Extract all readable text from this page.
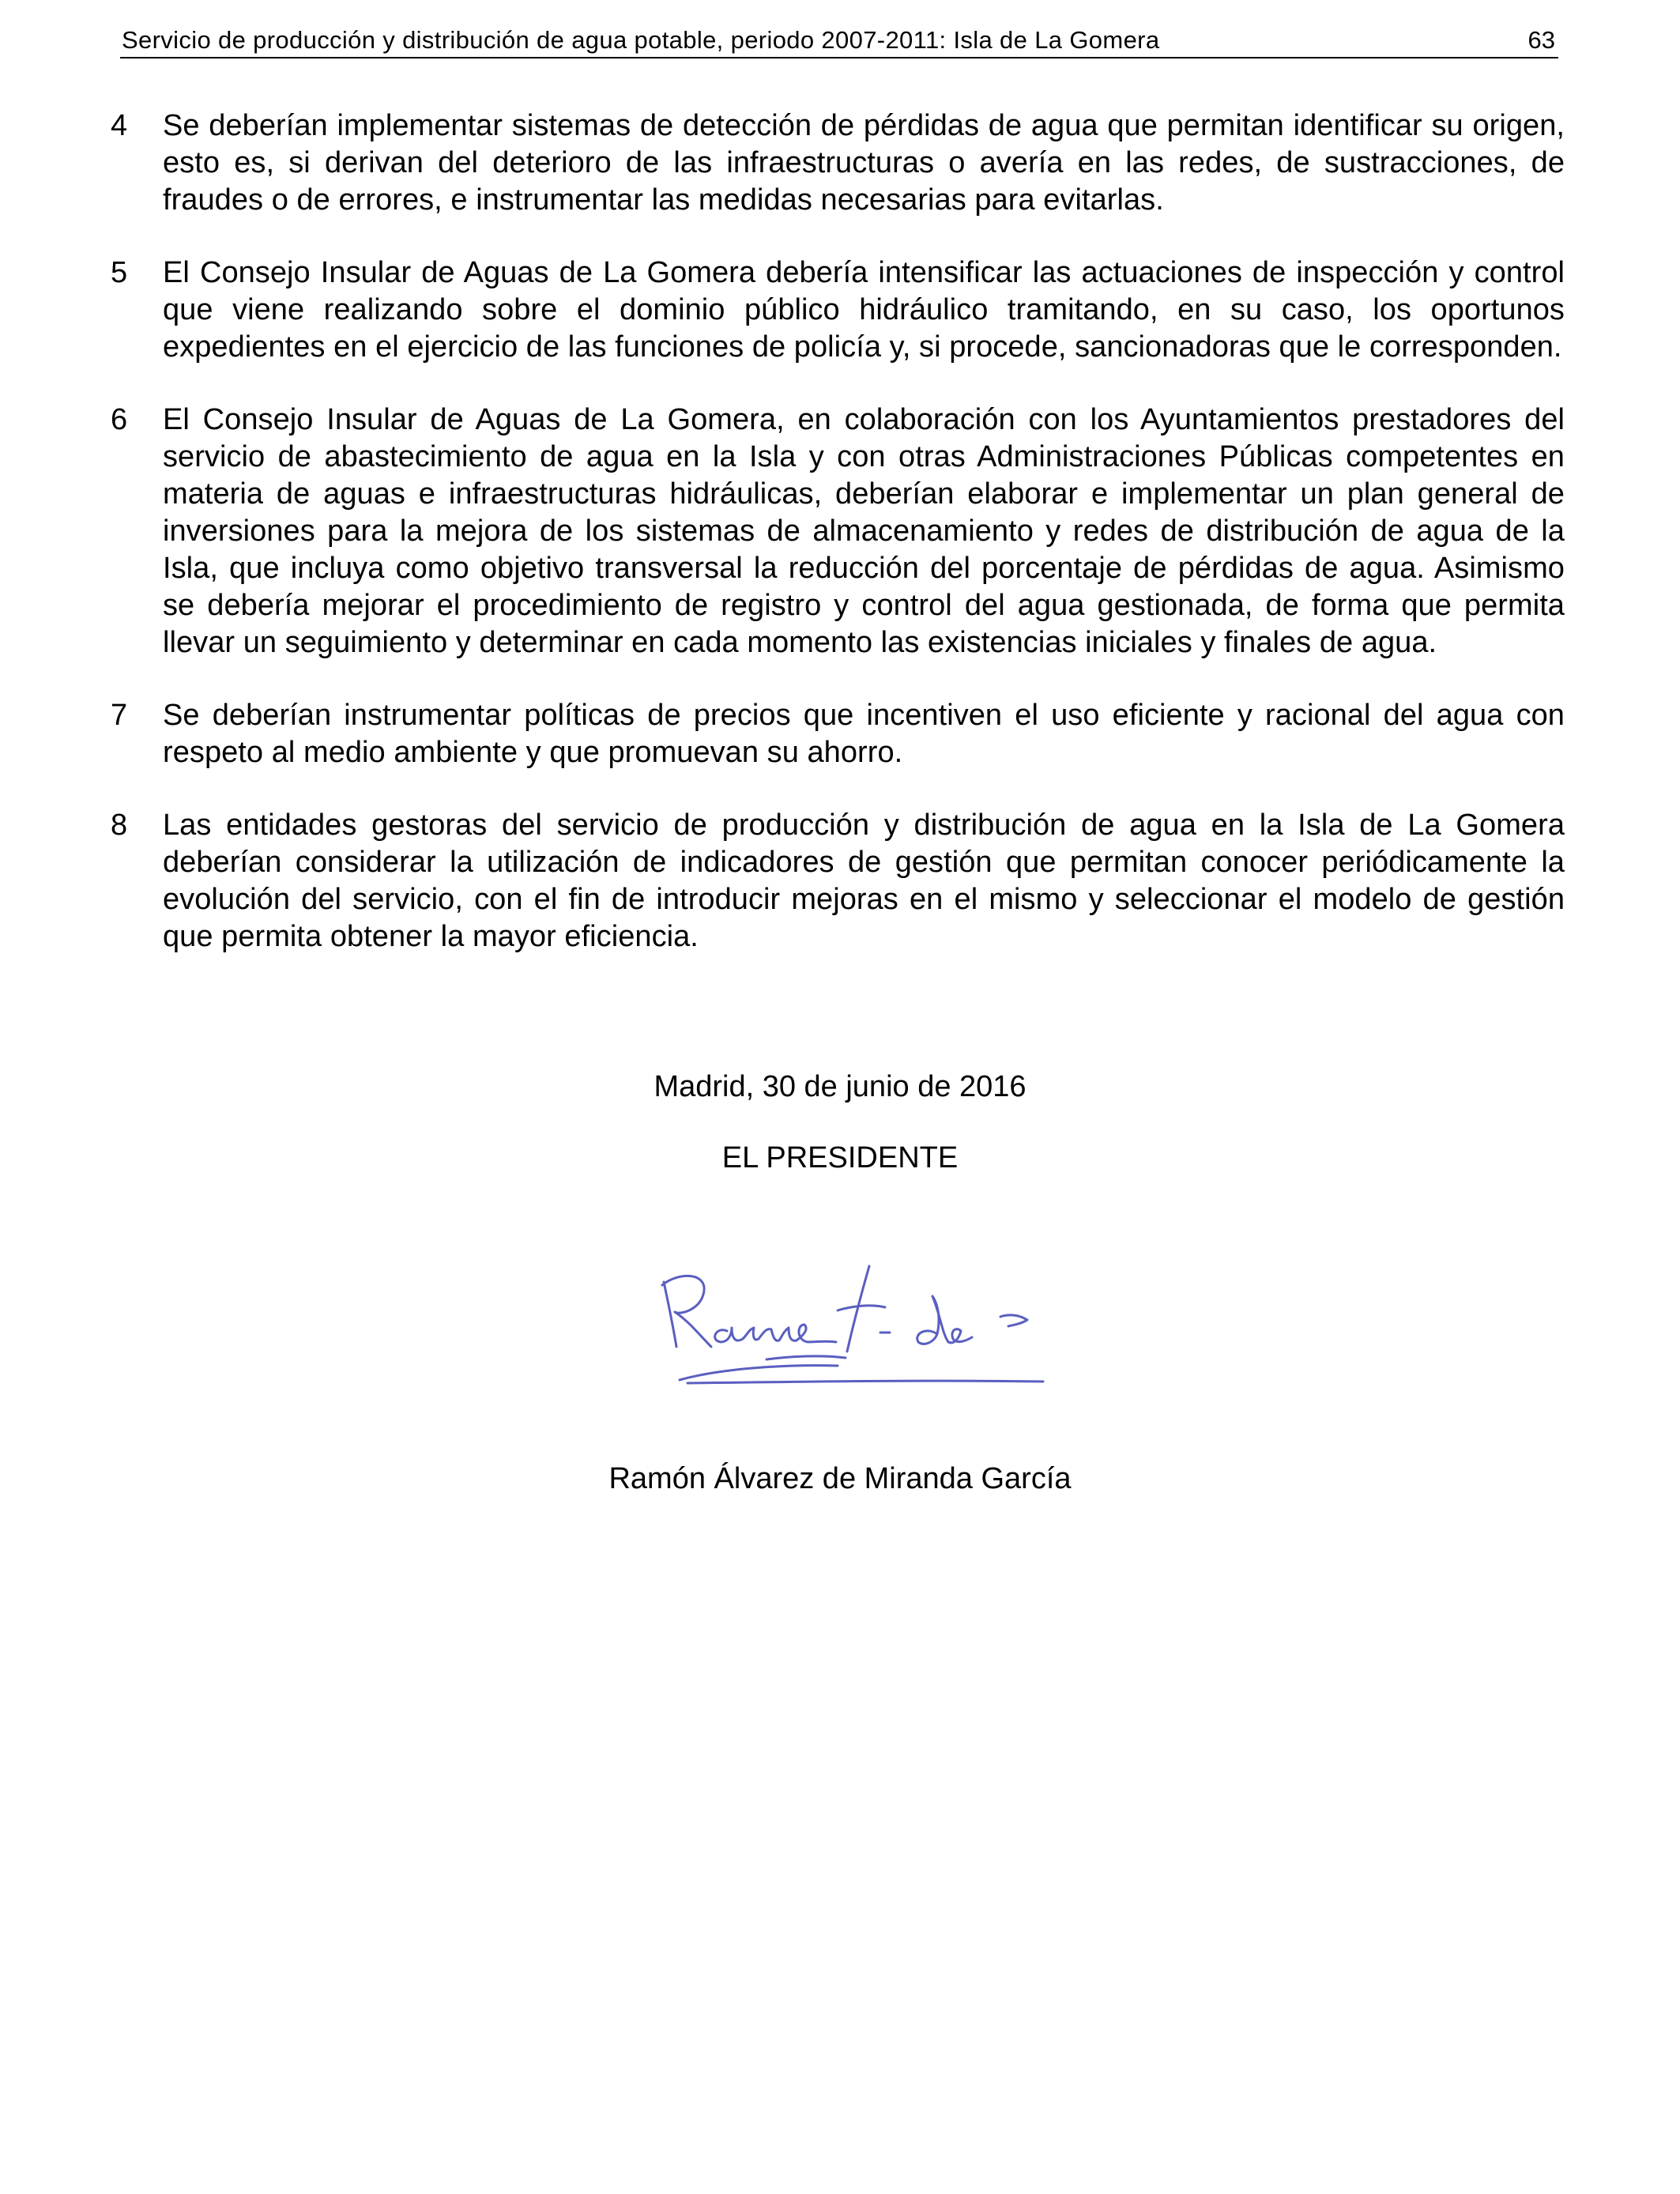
Servicio de producción y distribución de agua potable, periodo 2007-2011: Isla de La Gomera	63
4	Se deberían implementar sistemas de detección de pérdidas de agua que permitan identificar su origen, esto es, si derivan del deterioro de las infraestructuras o avería en las redes, de sustracciones, de fraudes o de errores, e instrumentar las medidas necesarias para evitarlas.
5	El Consejo Insular de Aguas de La Gomera debería intensificar las actuaciones de inspección y control que viene realizando sobre el dominio público hidráulico tramitando, en su caso, los oportunos expedientes en el ejercicio de las funciones de policía y, si procede, sancionadoras que le corresponden.
6	El Consejo Insular de Aguas de La Gomera, en colaboración con los Ayuntamientos prestadores del servicio de abastecimiento de agua en la Isla y con otras Administraciones Públicas competentes en materia de aguas e infraestructuras hidráulicas, deberían elaborar e implementar un plan general de inversiones para la mejora de los sistemas de almacenamiento y redes de distribución de agua de la Isla, que incluya como objetivo transversal la reducción del porcentaje de pérdidas de agua. Asimismo se debería mejorar el procedimiento de registro y control del agua gestionada, de forma que permita llevar un seguimiento y determinar en cada momento las existencias iniciales y finales de agua.
7	Se deberían instrumentar políticas de precios que incentiven el uso eficiente y racional del agua con respeto al medio ambiente y que promuevan su ahorro.
8	Las entidades gestoras del servicio de producción y distribución de agua en la Isla de La Gomera deberían considerar la utilización de indicadores de gestión que permitan conocer periódicamente la evolución del servicio, con el fin de introducir mejoras en el mismo y seleccionar el modelo de gestión que permita obtener la mayor eficiencia.
Madrid, 30 de junio de 2016
EL PRESIDENTE
Ramón Álvarez de Miranda García
